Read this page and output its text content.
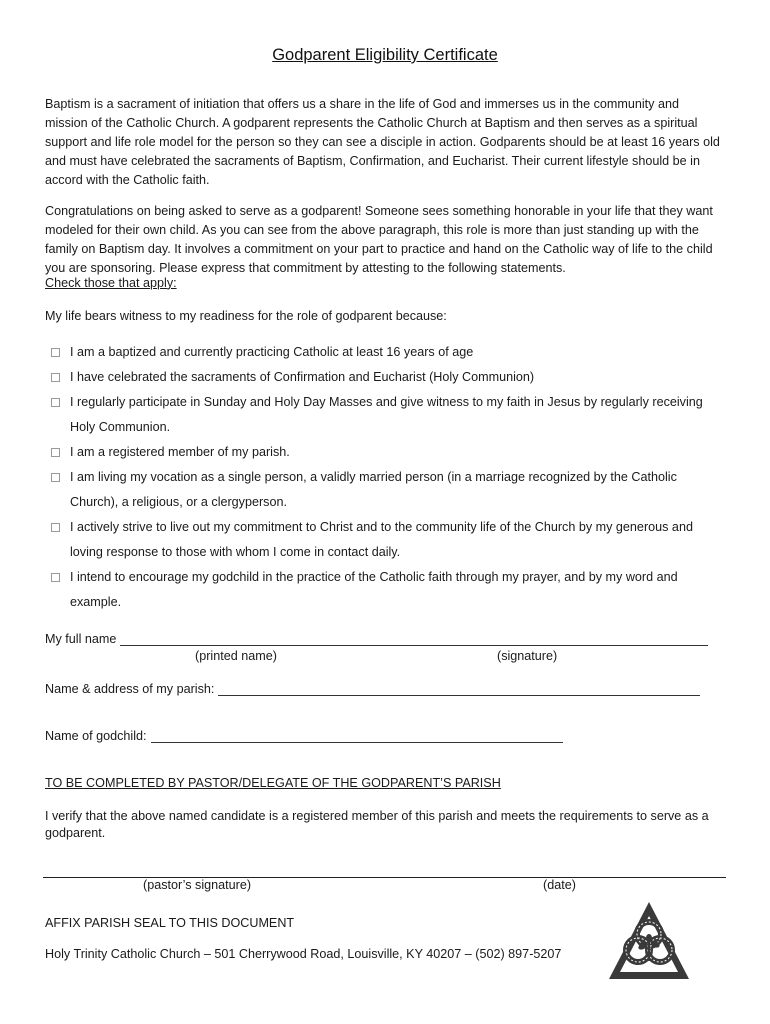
Godparent Eligibility Certificate

Baptism is a sacrament of initiation that offers us a share in the life of God and immerses us in the community and mission of the Catholic Church. A godparent represents the Catholic Church at Baptism and then serves as a spiritual support and life role model for the person so they can see a disciple in action. Godparents should be at least 16 years old and must have celebrated the sacraments of Baptism, Confirmation, and Eucharist. Their current lifestyle should be in accord with the Catholic faith.

Congratulations on being asked to serve as a godparent! Someone sees something honorable in your life that they want modeled for their own child. As you can see from the above paragraph, this role is more than just standing up with the family on Baptism day. It involves a commitment on your part to practice and hand on the Catholic way of life to the child you are sponsoring. Please express that commitment by attesting to the following statements.

Check those that apply:
My life bears witness to my readiness for the role of godparent because:
I am a baptized and currently practicing Catholic at least 16 years of age
I have celebrated the sacraments of Confirmation and Eucharist (Holy Communion)
I regularly participate in Sunday and Holy Day Masses and give witness to my faith in Jesus by regularly receiving Holy Communion.
I am a registered member of my parish.
I am living my vocation as a single person, a validly married person (in a marriage recognized by the Catholic Church), a religious, or a clergyperson.
I actively strive to live out my commitment to Christ and to the community life of the Church by my generous and loving response to those with whom I come in contact daily.
I intend to encourage my godchild in the practice of the Catholic faith through my prayer, and by my word and example.
My full name
(printed name)	(signature)
Name & address of my parish:
Name of godchild:
TO BE COMPLETED BY PASTOR/DELEGATE OF THE GODPARENT’S PARISH

I verify that the above named candidate is a registered member of this parish and meets the requirements to serve as a godparent.

(pastor’s signature)	(date)
AFFIX PARISH SEAL TO THIS DOCUMENT
Holy Trinity Catholic Church – 501 Cherrywood Road, Louisville, KY 40207 – (502) 897-5207
